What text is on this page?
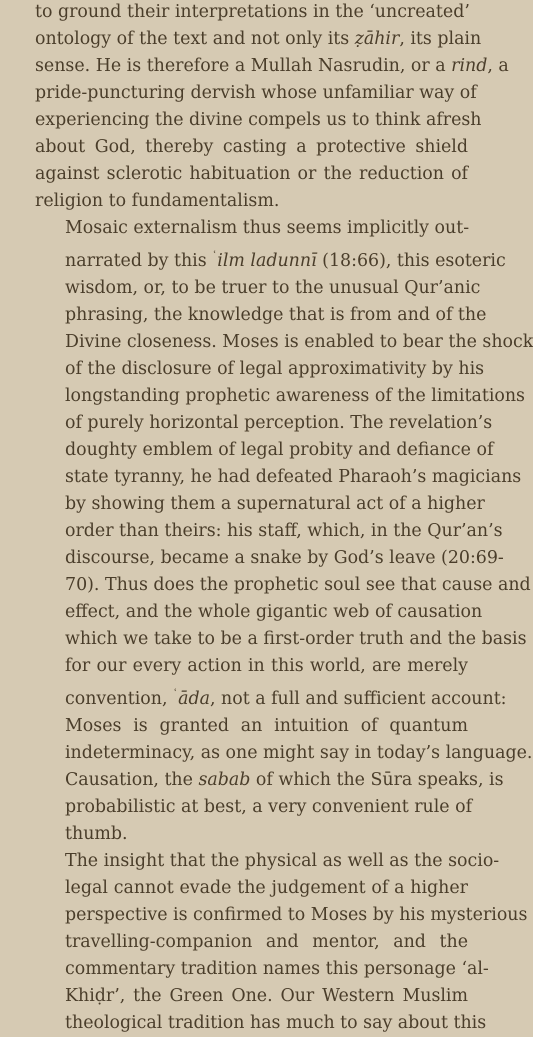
to ground their interpretations in the ‘uncreated’
ontology of the text and not only its ẓāhir, its plain
sense. He is therefore a Mullah Nasrudin, or a rind, a
pride-puncturing dervish whose unfamiliar way of
experiencing the divine compels us to think afresh
about God, thereby casting a protective shield
against sclerotic habituation or the reduction of
religion to fundamentalism.

Mosaic externalism thus seems implicitly out-
narrated by this $^ʿ$ilm ladunnī (18:66), this esoteric
wisdom, or, to be truer to the unusual Qur’anic
phrasing, the knowledge that is from and of the
Divine closeness. Moses is enabled to bear the shock
of the disclosure of legal approximativity by his
longstanding prophetic awareness of the limitations
of purely horizontal perception. The revelation’s
doughty emblem of legal probity and defiance of
state tyranny, he had defeated Pharaoh’s magicians
by showing them a supernatural act of a higher
order than theirs: his staff, which, in the Qur’an’s
discourse, became a snake by God’s leave (20:69-
70). Thus does the prophetic soul see that cause and
effect, and the whole gigantic web of causation
which we take to be a first-order truth and the basis
for our every action in this world, are merely
convention, $^ʿ$āda, not a full and sufficient account:
Moses is granted an intuition of quantum
indeterminacy, as one might say in today’s language.
Causation, the sabab of which the Sūra speaks, is
probabilistic at best, a very convenient rule of
thumb.

The insight that the physical as well as the socio-
legal cannot evade the judgement of a higher
perspective is confirmed to Moses by his mysterious
travelling-companion and mentor, and the
commentary tradition names this personage ‘al-
Khiḍr’, the Green One. Our Western Muslim
theological tradition has much to say about this
